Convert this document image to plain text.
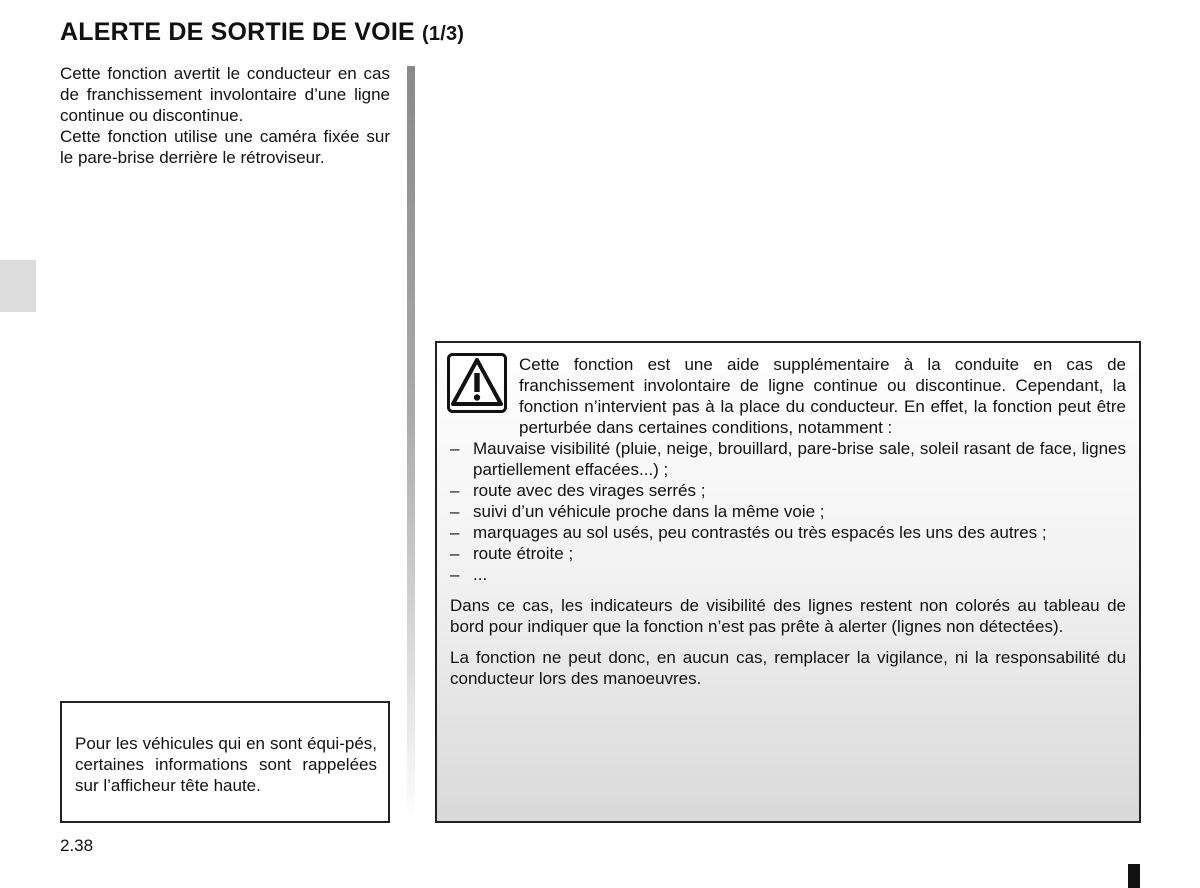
ALERTE DE SORTIE DE VOIE (1/3)

Cette fonction avertit le conducteur en cas de franchissement involontaire d’une ligne continue ou discontinue.

Cette fonction utilise une caméra fixée sur le pare-brise derrière le rétroviseur.

Pour les véhicules qui en sont équi-pés, certaines informations sont rappelées sur l’afficheur tête haute.

Cette fonction est une aide supplémentaire à la conduite en cas de franchissement involontaire de ligne continue ou discontinue. Cependant, la fonction n’intervient pas à la place du conducteur. En effet, la fonction peut être perturbée dans certaines conditions, notamment :

– Mauvaise visibilité (pluie, neige, brouillard, pare-brise sale, soleil rasant de face, lignes partiellement effacées...) ;
– route avec des virages serrés ;
– suivi d’un véhicule proche dans la même voie ;
– marquages au sol usés, peu contrastés ou très espacés les uns des autres ;
– route étroite ;
– ...

Dans ce cas, les indicateurs de visibilité des lignes restent non colorés au tableau de bord pour indiquer que la fonction n’est pas prête à alerter (lignes non détectées).

La fonction ne peut donc, en aucun cas, remplacer la vigilance, ni la responsabilité du conducteur lors des manoeuvres.

2.38
